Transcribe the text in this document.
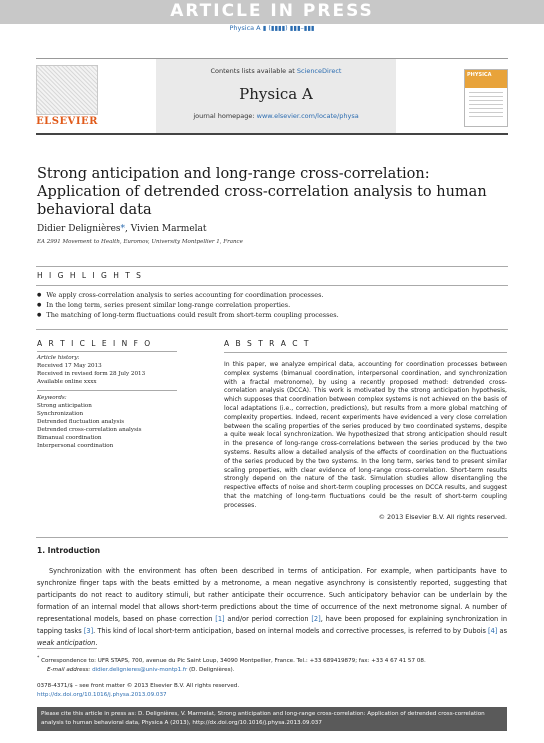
ARTICLE IN PRESS
Physica A ▮ (▮▮▮▮) ▮▮▮–▮▮▮
ELSEVIER
Contents lists available at ScienceDirect
Physica A
journal homepage: www.elsevier.com/locate/physa
PHYSICA
Strong anticipation and long-range cross-correlation: Application of detrended cross-correlation analysis to human behavioral data
Didier Delignières*, Vivien Marmelat
EA 2991 Movement to Health, Euromov, University Montpellier 1, France
H I G H L I G H T S
● We apply cross-correlation analysis to series accounting for coordination processes.
● In the long term, series present similar long-range correlation properties.
● The matching of long-term fluctuations could result from short-term coupling processes.
A R T I C L E I N F O
Article history:
Received 17 May 2013
Received in revised form 28 July 2013
Available online xxxx
Keywords:
Strong anticipation
Synchronization
Detrended fluctuation analysis
Detrended cross-correlation analysis
Bimanual coordination
Interpersonal coordination
A B S T R A C T
In this paper, we analyze empirical data, accounting for coordination processes between complex systems (bimanual coordination, interpersonal coordination, and synchronization with a fractal metronome), by using a recently proposed method: detrended cross-correlation analysis (DCCA). This work is motivated by the strong anticipation hypothesis, which supposes that coordination between complex systems is not achieved on the basis of local adaptations (i.e., correction, predictions), but results from a more global matching of complexity properties. Indeed, recent experiments have evidenced a very close correlation between the scaling properties of the series produced by two coordinated systems, despite a quite weak local synchronization. We hypothesized that strong anticipation should result in the presence of long-range cross-correlations between the series produced by the two systems. Results allow a detailed analysis of the effects of coordination on the fluctuations of the series produced by the two systems. In the long term, series tend to present similar scaling properties, with clear evidence of long-range cross-correlation. Short-term results strongly depend on the nature of the task. Simulation studies allow disentangling the respective effects of noise and short-term coupling processes on DCCA results, and suggest that the matching of long-term fluctuations could be the result of short-term coupling processes.
© 2013 Elsevier B.V. All rights reserved.
1. Introduction
Synchronization with the environment has often been described in terms of anticipation. For example, when participants have to synchronize finger taps with the beats emitted by a metronome, a mean negative asynchrony is consistently reported, suggesting that participants do not react to auditory stimuli, but rather anticipate their occurrence. Such anticipatory behavior can be underlain by the formation of an internal model that allows short-term predictions about the time of occurrence of the next metronome signal. A number of representational models, based on phase correction [1] and/or period correction [2], have been proposed for explaining synchronization in tapping tasks [3]. This kind of local short-term anticipation, based on internal models and corrective processes, is referred to by Dubois [4] as weak anticipation.
* Correspondence to: UFR STAPS, 700, avenue du Pic Saint Loup, 34090 Montpellier, France. Tel.: +33 689419879; fax: +33 4 67 41 57 08.
E-mail address: didier.delignieres@univ-montp1.fr (D. Delignières).
0378-4371/$ – see front matter © 2013 Elsevier B.V. All rights reserved.
http://dx.doi.org/10.1016/j.physa.2013.09.037
Please cite this article in press as: D. Delignières, V. Marmelat, Strong anticipation and long-range cross-correlation: Application of detrended cross-correlation analysis to human behavioral data, Physica A (2013), http://dx.doi.org/10.1016/j.physa.2013.09.037
